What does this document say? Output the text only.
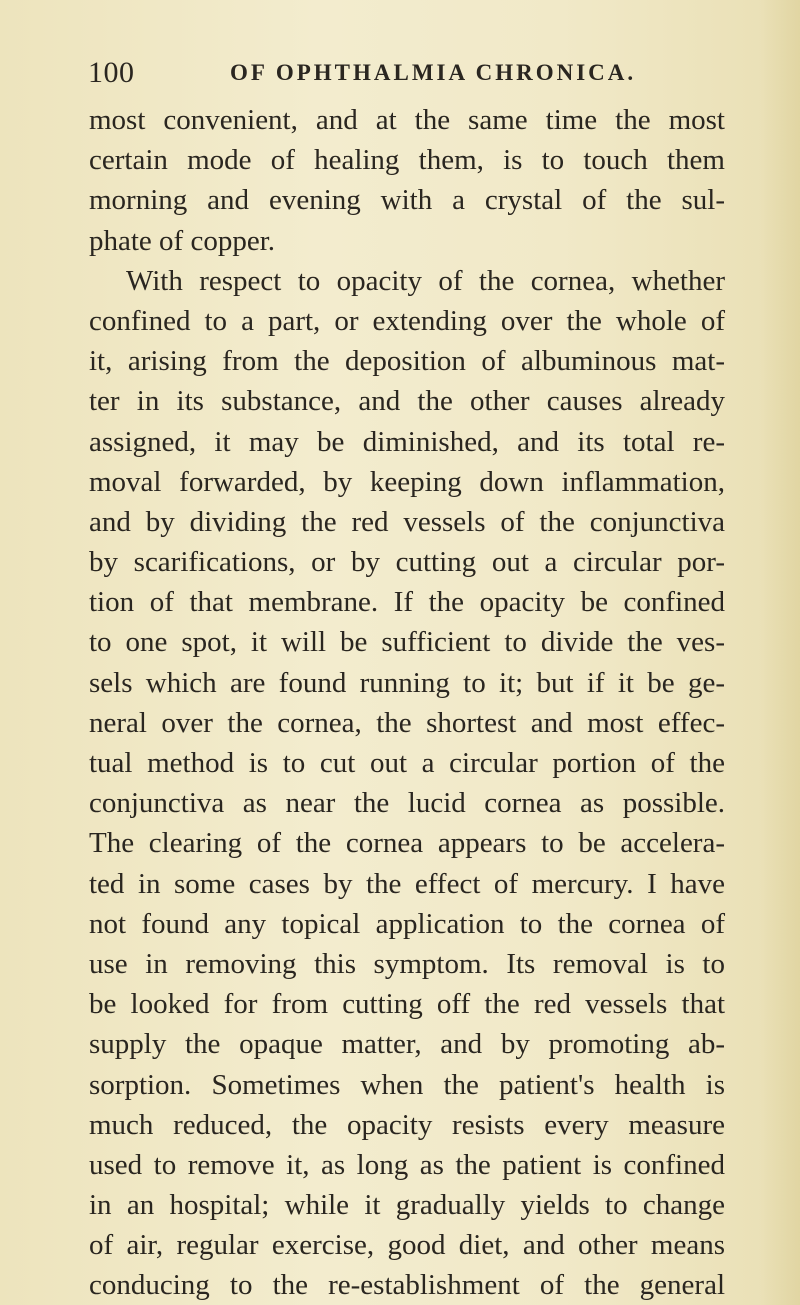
100	OF OPHTHALMIA CHRONICA.
most convenient, and at the same time the most
certain mode of healing them, is to touch them
morning and evening with a crystal of the sul-
phate of copper.
With respect to opacity of the cornea, whether
confined to a part, or extending over the whole of
it, arising from the deposition of albuminous mat-
ter in its substance, and the other causes already
assigned, it may be diminished, and its total re-
moval forwarded, by keeping down inflammation,
and by dividing the red vessels of the conjunctiva
by scarifications, or by cutting out a circular por-
tion of that membrane. If the opacity be confined
to one spot, it will be sufficient to divide the ves-
sels which are found running to it; but if it be ge-
neral over the cornea, the shortest and most effec-
tual method is to cut out a circular portion of the
conjunctiva as near the lucid cornea as possible.
The clearing of the cornea appears to be accelera-
ted in some cases by the effect of mercury. I have
not found any topical application to the cornea of
use in removing this symptom. Its removal is to
be looked for from cutting off the red vessels that
supply the opaque matter, and by promoting ab-
sorption. Sometimes when the patient's health is
much reduced, the opacity resists every measure
used to remove it, as long as the patient is confined
in an hospital; while it gradually yields to change
of air, regular exercise, good diet, and other means
conducing to the re-establishment of the general
